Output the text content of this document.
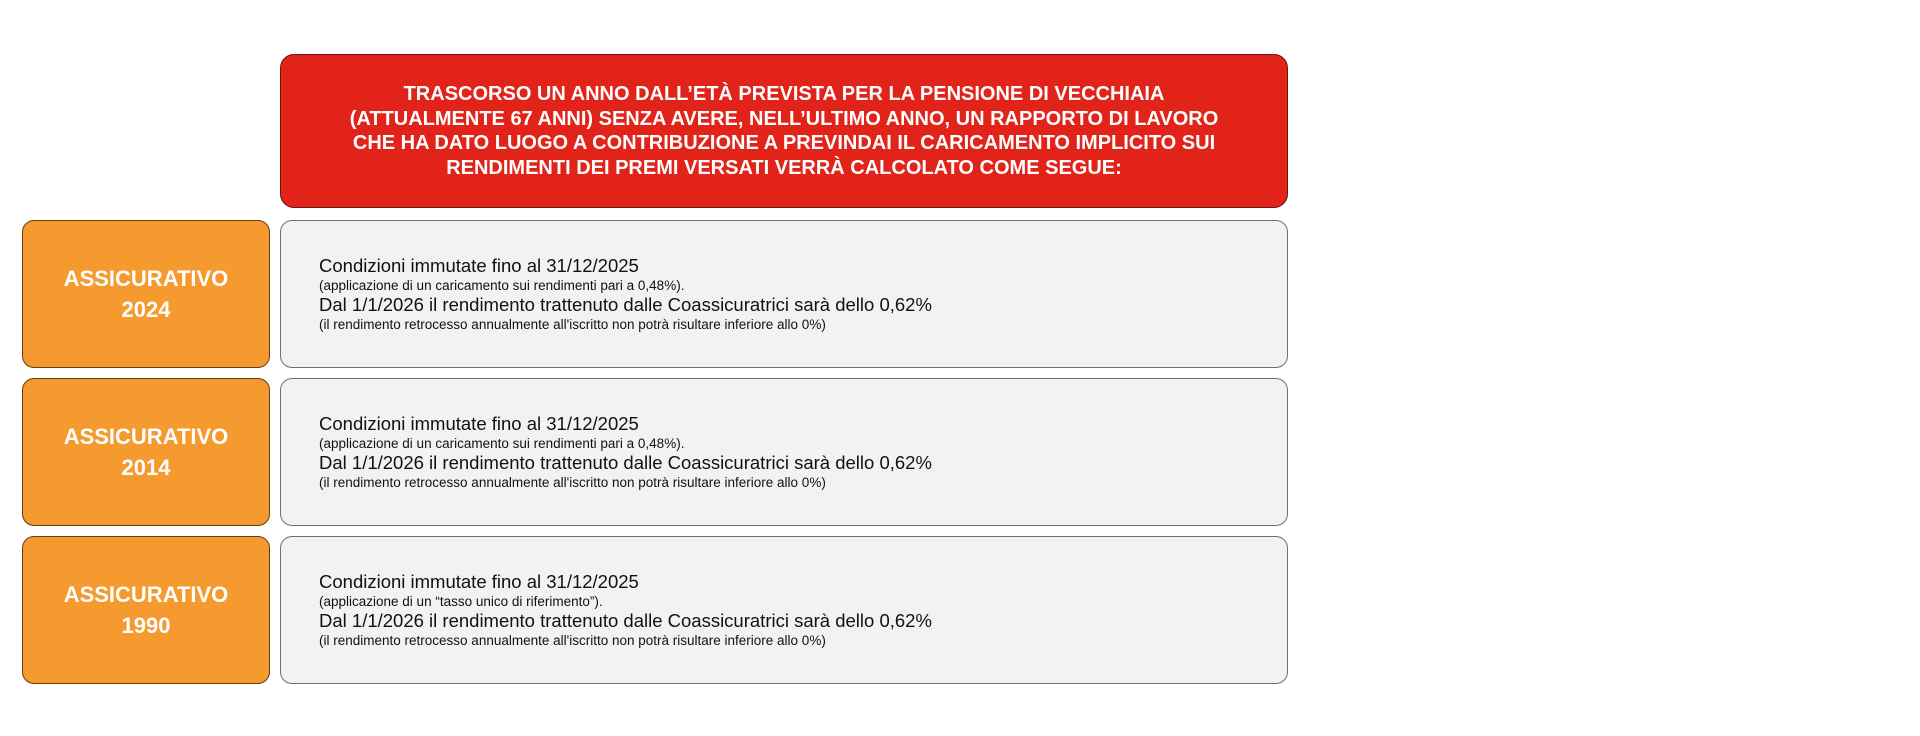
TRASCORSO UN ANNO DALL’ETÀ PREVISTA PER LA PENSIONE DI VECCHIAIA (ATTUALMENTE 67 ANNI) SENZA AVERE, NELL’ULTIMO ANNO, UN RAPPORTO DI LAVORO CHE HA DATO LUOGO A CONTRIBUZIONE A PREVINDAI IL CARICAMENTO IMPLICITO SUI RENDIMENTI DEI PREMI VERSATI VERRÀ CALCOLATO COME SEGUE:
ASSICURATIVO
2024
Condizioni immutate fino al 31/12/2025
(applicazione di un caricamento sui rendimenti pari a 0,48%).
Dal 1/1/2026 il rendimento trattenuto dalle Coassicuratrici sarà dello 0,62%
(il rendimento retrocesso annualmente all'iscritto non potrà risultare inferiore allo 0%)
ASSICURATIVO
2014
Condizioni immutate fino al 31/12/2025
(applicazione di un caricamento sui rendimenti pari a 0,48%).
Dal 1/1/2026 il rendimento trattenuto dalle Coassicuratrici sarà dello 0,62%
(il rendimento retrocesso annualmente all'iscritto non potrà risultare inferiore allo 0%)
ASSICURATIVO
1990
Condizioni immutate fino al 31/12/2025
(applicazione di un “tasso unico di riferimento”).
Dal 1/1/2026 il rendimento trattenuto dalle Coassicuratrici sarà dello 0,62%
(il rendimento retrocesso annualmente all'iscritto non potrà risultare inferiore allo 0%)
